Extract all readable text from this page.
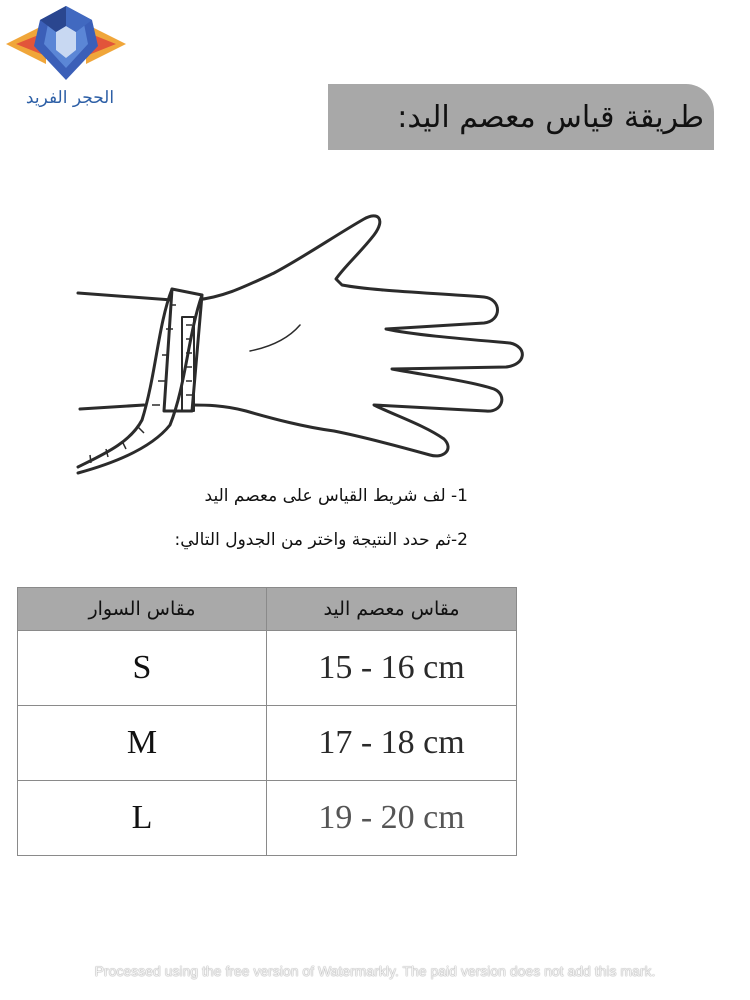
الحجر الفريد
طريقة قياس معصم اليد:
1- لف شريط القياس على معصم اليد
2-ثم حدد النتيجة واختر من الجدول التالي:
مقاس السوار	مقاس معصم اليد
S	15 - 16 cm
M	17 - 18 cm
L	19 - 20 cm
Processed using the free version of Watermarkly. The paid version does not add this mark.
